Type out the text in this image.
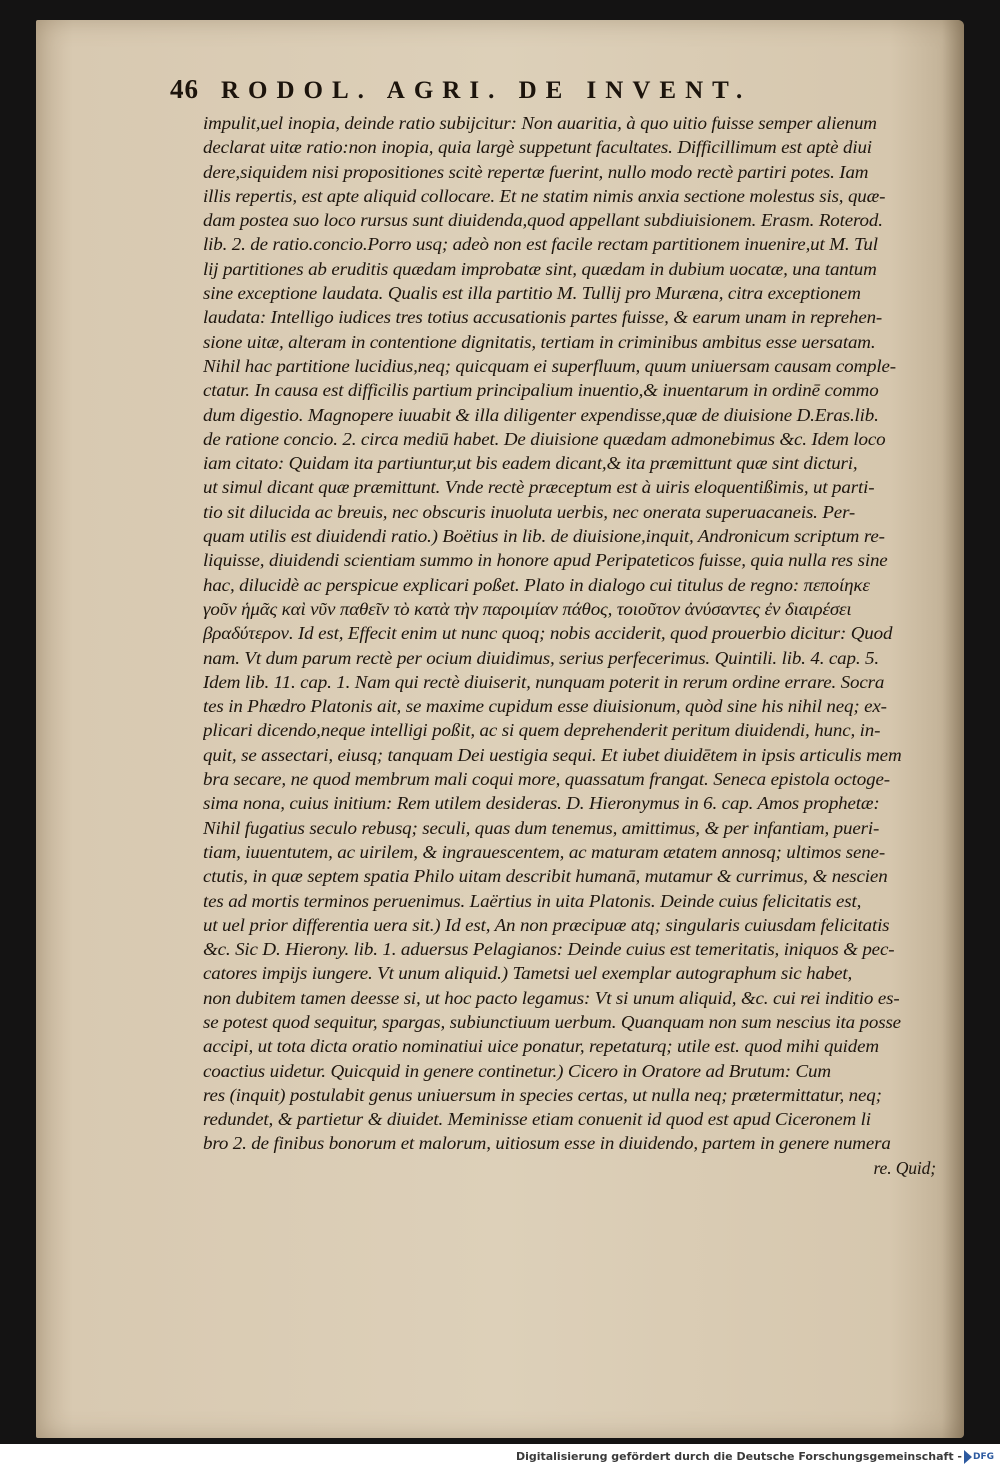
46 RODOL. AGRI. DE INVENT.
impulit,uel inopia, deinde ratio subijcitur: Non auaritia, à quo uitio fuisse semper alienum
declarat uitæ ratio:non inopia, quia largè suppetunt facultates. Difficillimum est aptè diui
dere,siquidem nisi propositiones scitè repertæ fuerint, nullo modo rectè partiri potes. Iam
illis repertis, est apte aliquid collocare. Et ne statim nimis anxia sectione molestus sis, quæ-
dam postea suo loco rursus sunt diuidenda,quod appellant subdiuisionem. Erasm. Roterod.
lib. 2. de ratio.concio.Porro usq; adeò non est facile rectam partitionem inuenire,ut M. Tul
lij partitiones ab eruditis quædam improbatæ sint, quædam in dubium uocatæ, una tantum
sine exceptione laudata. Qualis est illa partitio M. Tullij pro Muræna, citra exceptionem
laudata: Intelligo iudices tres totius accusationis partes fuisse, & earum unam in reprehen-
sione uitæ, alteram in contentione dignitatis, tertiam in criminibus ambitus esse uersatam.
Nihil hac partitione lucidius,neq; quicquam ei superfluum, quum uniuersam causam comple-
ctatur. In causa est difficilis partium principalium inuentio,& inuentarum in ordinē commo
dum digestio. Magnopere iuuabit & illa diligenter expendisse,quæ de diuisione D.Eras.lib.
de ratione concio. 2. circa mediū habet. De diuisione quædam admonebimus &c. Idem loco
iam citato: Quidam ita partiuntur,ut bis eadem dicant,& ita præmittunt quæ sint dicturi,
ut simul dicant quæ præmittunt. Vnde rectè præceptum est à uiris eloquentißimis, ut parti-
tio sit dilucida ac breuis, nec obscuris inuoluta uerbis, nec onerata superuacaneis. Per-
quam utilis est diuidendi ratio.) Boëtius in lib. de diuisione,inquit, Andronicum scriptum re-
liquisse, diuidendi scientiam summo in honore apud Peripateticos fuisse, quia nulla res sine
hac, dilucidè ac perspicue explicari poßet. Plato in dialogo cui titulus de regno: πεποίηκε
γοῦν ἡμᾶς καὶ νῦν παθεῖν τὸ κατὰ τὴν παροιμίαν πάθος, τοιοῦτον ἀνύσαντες ἐν διαιρέσει
βραδύτερον. Id est, Effecit enim ut nunc quoq; nobis acciderit, quod prouerbio dicitur: Quod
nam. Vt dum parum rectè per ocium diuidimus, serius perfecerimus. Quintili. lib. 4. cap. 5.
Idem lib. 11. cap. 1. Nam qui rectè diuiserit, nunquam poterit in rerum ordine errare. Socra
tes in Phædro Platonis ait, se maxime cupidum esse diuisionum, quòd sine his nihil neq; ex-
plicari dicendo,neque intelligi poßit, ac si quem deprehenderit peritum diuidendi, hunc, in-
quit, se assectari, eiusq; tanquam Dei uestigia sequi. Et iubet diuidētem in ipsis articulis mem
bra secare, ne quod membrum mali coqui more, quassatum frangat. Seneca epistola octoge-
sima nona, cuius initium: Rem utilem desideras. D. Hieronymus in 6. cap. Amos prophetæ:
Nihil fugatius seculo rebusq; seculi, quas dum tenemus, amittimus, & per infantiam, pueri-
tiam, iuuentutem, ac uirilem, & ingrauescentem, ac maturam ætatem annosq; ultimos sene-
ctutis, in quæ septem spatia Philo uitam describit humanā, mutamur & currimus, & nescien
tes ad mortis terminos peruenimus. Laërtius in uita Platonis. Deinde cuius felicitatis est,
ut uel prior differentia uera sit.) Id est, An non præcipuæ atq; singularis cuiusdam felicitatis
&c. Sic D. Hierony. lib. 1. aduersus Pelagianos: Deinde cuius est temeritatis, iniquos & pec-
catores impijs iungere. Vt unum aliquid.) Tametsi uel exemplar autographum sic habet,
non dubitem tamen deesse si, ut hoc pacto legamus: Vt si unum aliquid, &c. cui rei inditio es-
se potest quod sequitur, spargas, subiunctiuum uerbum. Quanquam non sum nescius ita posse
accipi, ut tota dicta oratio nominatiui uice ponatur, repetaturq; utile est. quod mihi quidem
coactius uidetur. Quicquid in genere continetur.) Cicero in Oratore ad Brutum: Cum
res (inquit) postulabit genus uniuersum in species certas, ut nulla neq; prætermittatur, neq;
redundet, & partietur & diuidet. Meminisse etiam conuenit id quod est apud Ciceronem li
bro 2. de finibus bonorum et malorum, uitiosum esse in diuidendo, partem in genere numera
re. Quid;
Digitalisierung gefördert durch die Deutsche Forschungsgemeinschaft - DFG
